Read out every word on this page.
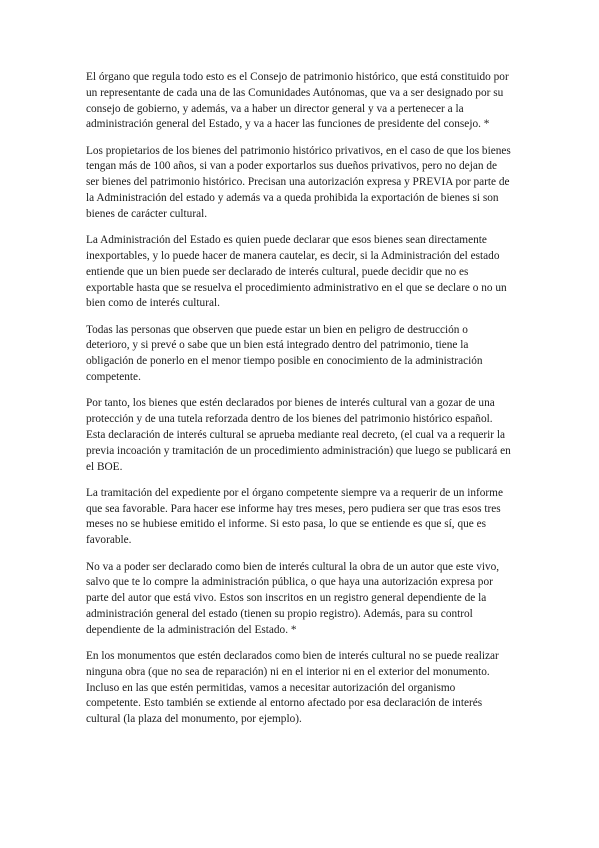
El órgano que regula todo esto es el Consejo de patrimonio histórico, que está constituido por un representante de cada una de las Comunidades Autónomas, que va a ser designado por su consejo de gobierno, y además, va a haber un director general y va a pertenecer a la administración general del Estado, y va a hacer las funciones de presidente del consejo. *

Los propietarios de los bienes del patrimonio histórico privativos, en el caso de que los bienes tengan más de 100 años, si van a poder exportarlos sus dueños privativos, pero no dejan de ser bienes del patrimonio histórico. Precisan una autorización expresa y PREVIA por parte de la Administración del estado y además va a queda prohibida la exportación de bienes si son bienes de carácter cultural.

La Administración del Estado es quien puede declarar que esos bienes sean directamente inexportables, y lo puede hacer de manera cautelar, es decir, si la Administración del estado entiende que un bien puede ser declarado de interés cultural, puede decidir que no es exportable hasta que se resuelva el procedimiento administrativo en el que se declare o no un bien como de interés cultural.

Todas las personas que observen que puede estar un bien en peligro de destrucción o deterioro, y si prevé o sabe que un bien está integrado dentro del patrimonio, tiene la obligación de ponerlo en el menor tiempo posible en conocimiento de la administración competente.

Por tanto, los bienes que estén declarados por bienes de interés cultural van a gozar de una protección y de una tutela reforzada dentro de los bienes del patrimonio histórico español. Esta declaración de interés cultural se aprueba mediante real decreto, (el cual va a requerir la previa incoación y tramitación de un procedimiento administración) que luego se publicará en el BOE.

La tramitación del expediente por el órgano competente siempre va a requerir de un informe que sea favorable. Para hacer ese informe hay tres meses, pero pudiera ser que tras esos tres meses no se hubiese emitido el informe. Si esto pasa, lo que se entiende es que sí, que es favorable.

No va a poder ser declarado como bien de interés cultural la obra de un autor que este vivo, salvo que te lo compre la administración pública, o que haya una autorización expresa por parte del autor que está vivo. Estos son inscritos en un registro general dependiente de la administración general del estado (tienen su propio registro). Además, para su control dependiente de la administración del Estado. *

En los monumentos que estén declarados como bien de interés cultural no se puede realizar ninguna obra (que no sea de reparación) ni en el interior ni en el exterior del monumento. Incluso en las que estén permitidas, vamos a necesitar autorización del organismo competente. Esto también se extiende al entorno afectado por esa declaración de interés cultural (la plaza del monumento, por ejemplo).
